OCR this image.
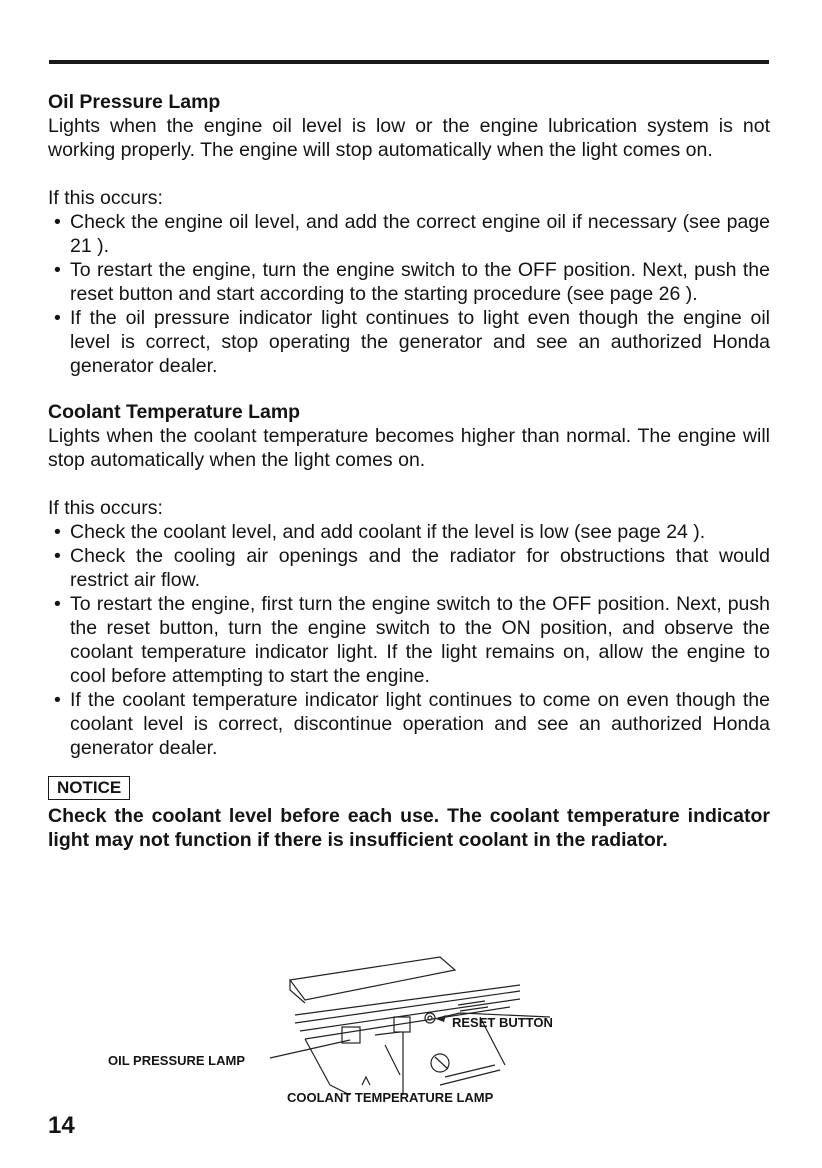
Oil Pressure Lamp

Lights when the engine oil level is low or the engine lubrication system is not working properly. The engine will stop automatically when the light comes on.

If this occurs:

• Check the engine oil level, and add the correct engine oil if necessary (see page 21 ).
• To restart the engine, turn the engine switch to the OFF position. Next, push the reset button and start according to the starting procedure (see page 26 ).
• If the oil pressure indicator light continues to light even though the engine oil level is correct, stop operating the generator and see an authorized Honda generator dealer.
Coolant Temperature Lamp

Lights when the coolant temperature becomes higher than normal. The engine will stop automatically when the light comes on.

If this occurs:

• Check the coolant level, and add coolant if the level is low (see page 24 ).
• Check the cooling air openings and the radiator for obstructions that would restrict air flow.
• To restart the engine, first turn the engine switch to the OFF position. Next, push the reset button, turn the engine switch to the ON position, and observe the coolant temperature indicator light. If the light remains on, allow the engine to cool before attempting to start the engine.
• If the coolant temperature indicator light continues to come on even though the coolant level is correct, discontinue operation and see an authorized Honda generator dealer.
NOTICE

Check the coolant level before each use. The coolant temperature indicator light may not function if there is insufficient coolant in the radiator.

RESET BUTTON
OIL PRESSURE LAMP
COOLANT TEMPERATURE LAMP
14
